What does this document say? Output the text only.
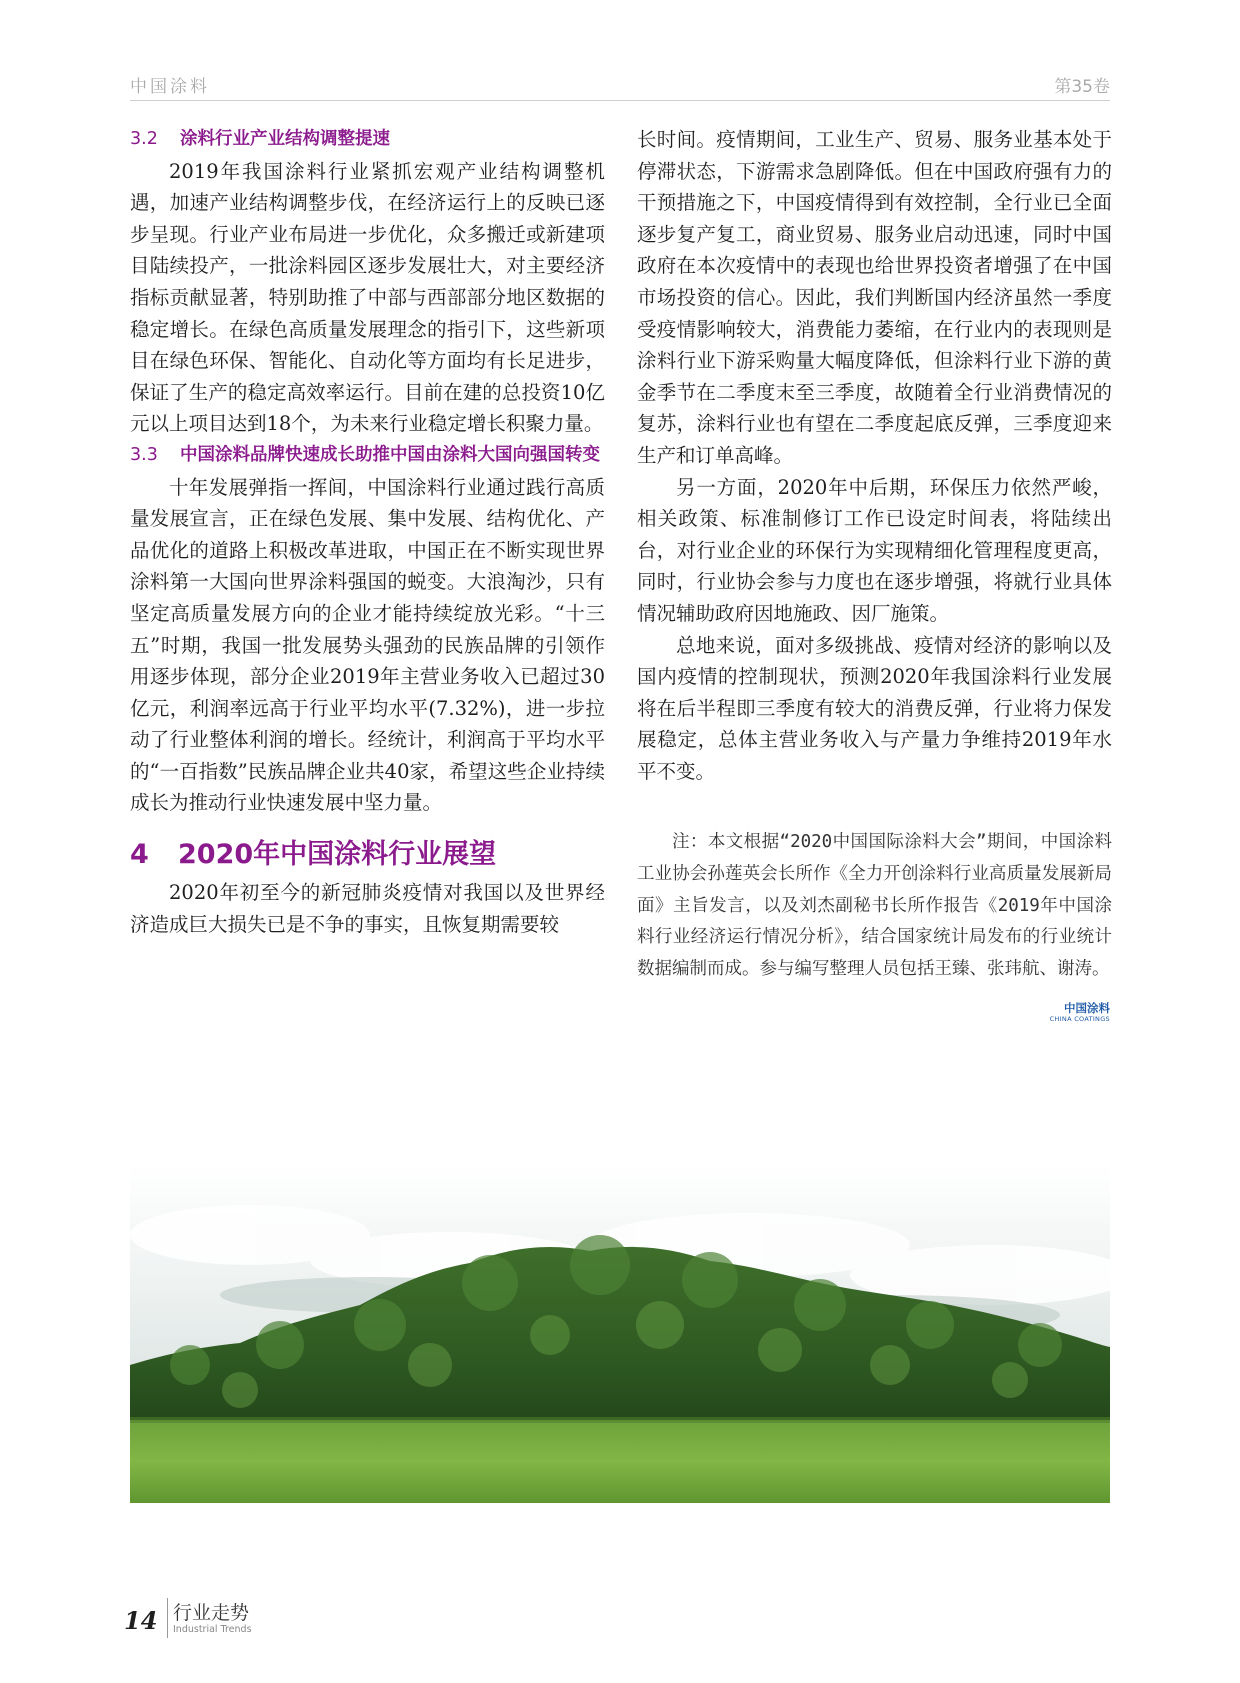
中国涂料	第35卷
3.2	涂料行业产业结构调整提速

2019年我国涂料行业紧抓宏观产业结构调整机遇，加速产业结构调整步伐，在经济运行上的反映已逐步呈现。行业产业布局进一步优化，众多搬迁或新建项目陆续投产，一批涂料园区逐步发展壮大，对主要经济指标贡献显著，特别助推了中部与西部部分地区数据的稳定增长。在绿色高质量发展理念的指引下，这些新项目在绿色环保、智能化、自动化等方面均有长足进步，保证了生产的稳定高效率运行。目前在建的总投资10亿元以上项目达到18个，为未来行业稳定增长积聚力量。

3.3	中国涂料品牌快速成长助推中国由涂料大国向强国转变

十年发展弹指一挥间，中国涂料行业通过践行高质量发展宣言，正在绿色发展、集中发展、结构优化、产品优化的道路上积极改革进取，中国正在不断实现世界涂料第一大国向世界涂料强国的蜕变。大浪淘沙，只有坚定高质量发展方向的企业才能持续绽放光彩。“十三五”时期，我国一批发展势头强劲的民族品牌的引领作用逐步体现，部分企业2019年主营业务收入已超过30亿元，利润率远高于行业平均水平(7.32%)，进一步拉动了行业整体利润的增长。经统计，利润高于平均水平的“一百指数”民族品牌企业共40家，希望这些企业持续成长为推动行业快速发展中坚力量。

4	2020年中国涂料行业展望

2020年初至今的新冠肺炎疫情对我国以及世界经济造成巨大损失已是不争的事实，且恢复期需要较

长时间。疫情期间，工业生产、贸易、服务业基本处于停滞状态，下游需求急剧降低。但在中国政府强有力的干预措施之下，中国疫情得到有效控制，全行业已全面逐步复产复工，商业贸易、服务业启动迅速，同时中国政府在本次疫情中的表现也给世界投资者增强了在中国市场投资的信心。因此，我们判断国内经济虽然一季度受疫情影响较大，消费能力萎缩，在行业内的表现则是涂料行业下游采购量大幅度降低，但涂料行业下游的黄金季节在二季度末至三季度，故随着全行业消费情况的复苏，涂料行业也有望在二季度起底反弹，三季度迎来生产和订单高峰。

另一方面，2020年中后期，环保压力依然严峻，相关政策、标准制修订工作已设定时间表，将陆续出台，对行业企业的环保行为实现精细化管理程度更高，同时，行业协会参与力度也在逐步增强，将就行业具体情况辅助政府因地施政、因厂施策。

总地来说，面对多级挑战、疫情对经济的影响以及国内疫情的控制现状，预测2020年我国涂料行业发展将在后半程即三季度有较大的消费反弹，行业将力保发展稳定，总体主营业务收入与产量力争维持2019年水平不变。

注：本文根据“2020中国国际涂料大会”期间，中国涂料工业协会孙莲英会长所作《全力开创涂料行业高质量发展新局面》主旨发言，以及刘杰副秘书长所作报告《2019年中国涂料行业经济运行情况分析》，结合国家统计局发布的行业统计数据编制而成。参与编写整理人员包括王臻、张玮航、谢涛。

中国涂料
CHINA COATINGS
14 行业走势
Industrial Trends
